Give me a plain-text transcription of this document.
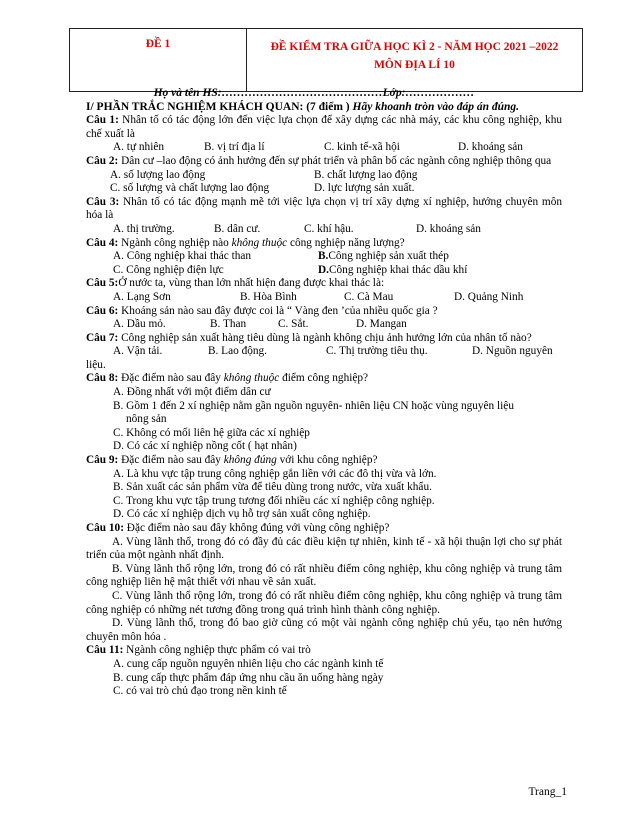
ĐỀ 1	ĐỀ KIỂM TRA GIỮA HỌC KÌ 2 - NĂM HỌC 2021 –2022
MÔN ĐỊA LÍ 10
Họ và tên HS:……………………………………Lớp:………………
I/ PHẦN TRẮC NGHIỆM KHÁCH QUAN: (7 điểm ) Hãy khoanh tròn vào đáp án đúng.
Câu 1: Nhân tố có tác động lớn đến việc lựa chọn để xây dựng các nhà máy, các khu công nghiệp, khu chế xuất là
A. tự nhiên	B. vị trí địa lí	C. kinh tế-xã hội	D. khoáng sản
Câu 2: Dân cư –lao động có ảnh hưởng đến sự phát triển và phân bố các ngành công nghiệp thông qua
A. số lượng lao động	B. chất lượng lao động
C. số lượng và chất lượng lao động	D. lực lượng sản xuất.
Câu 3: Nhân tố có tác động mạnh mẽ tới việc lựa chọn vị trí xây dựng xí nghiệp, hướng chuyên môn hóa là
A. thị trường.	B. dân cư.	C. khí hậu.	D. khoáng sản
Câu 4: Ngành công nghiệp nào không thuộc công nghiệp năng lượng?
A. Công nghiệp khai thác than	B. Công nghiệp sản xuất thép
C. Công nghiệp điện lực	D. Công nghiệp khai thác dầu khí
Câu 5:Ở nước ta, vùng than lớn nhất hiện đang được khai thác là:
A. Lạng Sơn	B. Hòa Bình	C. Cà Mau	D. Quảng Ninh
Câu 6: Khoáng sản nào sau đây được coi là “ Vàng đen ’của nhiều quốc gia ?
A. Dầu mỏ.	B. Than	C. Sắt.	D. Mangan
Câu 7: Công nghiệp sản xuất hàng tiêu dùng là ngành không chịu ảnh hưởng lớn của nhân tố nào?
A. Vận tải.	B. Lao động.	C. Thị trường tiêu thụ.	D. Nguồn nguyên
liệu.
Câu 8: Đặc điểm nào sau đây không thuộc điểm công nghiệp?
A. Đồng nhất với một điểm dân cư
B. Gồm 1 đến 2 xí nghiệp nằm gần nguồn nguyên- nhiên liệu CN hoặc vùng nguyên liệu
nông sản
C. Không có mối liên hệ giữa các xí nghiệp
D. Có các xí nghiệp nồng cốt ( hạt nhân)
Câu 9: Đặc điểm nào sau đây không đúng với khu công nghiệp?
A. Là khu vực tập trung công nghiệp gắn liền với các đô thị vừa và lớn.
B. Sản xuất các sản phẩm vừa để tiêu dùng trong nước, vừa xuất khẩu.
C. Trong khu vực tập trung tương đối nhiều các xí nghiệp công nghiệp.
D. Có các xí nghiệp dịch vụ hỗ trợ sản xuất công nghiệp.
Câu 10: Đặc điểm nào sau đây không đúng với vùng công nghiệp?
A. Vùng lãnh thổ, trong đó có đầy đủ các điều kiện tự nhiên, kinh tế - xã hội thuận lợi cho sự phát triển của một ngành nhất định.
B. Vùng lãnh thổ rộng lớn, trong đó có rất nhiều điểm công nghiệp, khu công nghiệp và trung tâm công nghiệp liên hệ mật thiết với nhau về sản xuất.
C. Vùng lãnh thổ rộng lớn, trong đó có rất nhiều điểm công nghiệp, khu công nghiệp và trung tâm công nghiệp có những nét tương đồng trong quá trình hình thành công nghiệp.
D. Vùng lãnh thổ, trong đó bao giờ cũng có một vài ngành công nghiệp chủ yếu, tạo nên hướng chuyên môn hóa .
Câu 11: Ngành công nghiệp thực phẩm có vai trò
A. cung cấp nguồn nguyên nhiên liệu cho các ngành kinh tế
B. cung cấp thực phẩm đáp ứng nhu cầu ăn uống hàng ngày
C. có vai trò chủ đạo trong nền kinh tế
Trang_1
